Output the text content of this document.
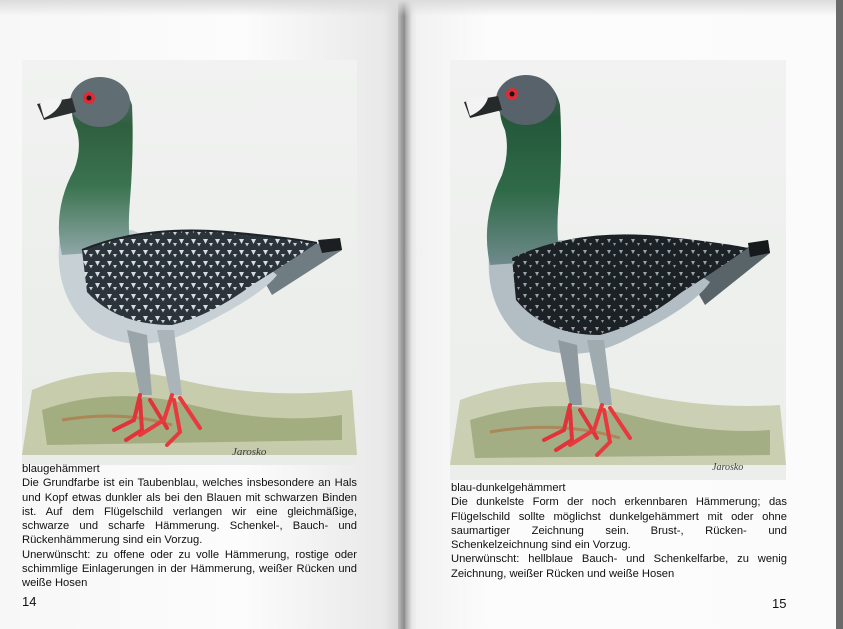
Jarosko
Jarosko

blaugehämmert

Die Grundfarbe ist ein Taubenblau, welches insbesondere an Hals und Kopf etwas dunkler als bei den Blauen mit schwarzen Binden ist. Auf dem Flügelschild verlangen wir eine gleichmäßige, schwarze und scharfe Hämmerung. Schenkel-, Bauch- und Rückenhämmerung sind ein Vorzug.

Unerwünscht: zu offene oder zu volle Hämmerung, rostige oder schimmlige Einlagerungen in der Hämmerung, weißer Rücken und weiße Hosen

14

blau-dunkelgehämmert

Die dunkelste Form der noch erkennbaren Hämmerung; das Flügelschild sollte möglichst dunkelgehämmert mit oder ohne saumartiger Zeichnung sein. Brust-, Rücken- und Schenkelzeichnung sind ein Vorzug.

Unerwünscht: hellblaue Bauch- und Schenkelfarbe, zu wenig Zeichnung, weißer Rücken und weiße Hosen

15
